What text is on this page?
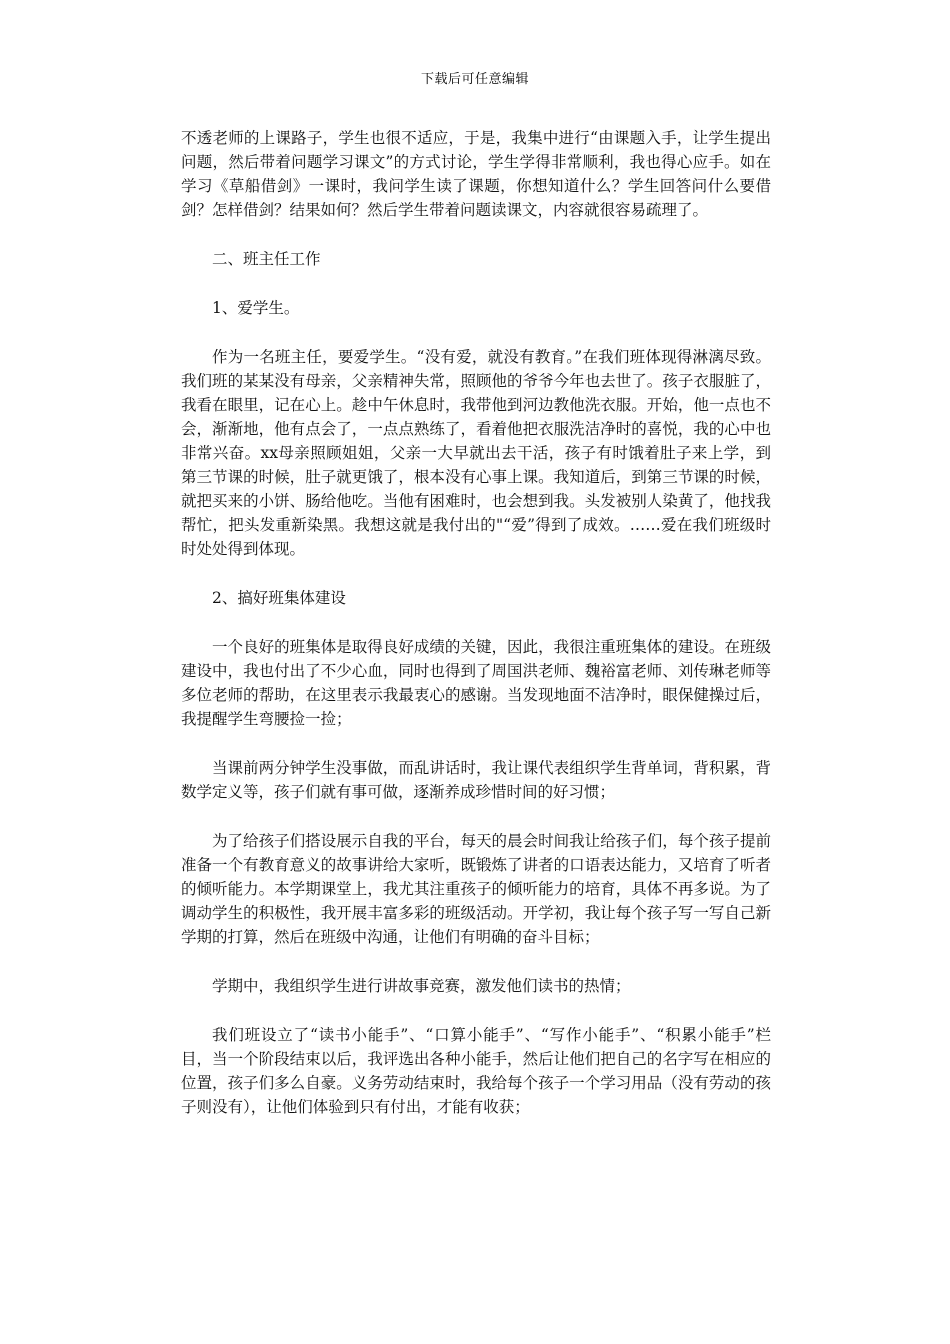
下载后可任意编辑

不透老师的上课路子，学生也很不适应，于是，我集中进行“由课题入手，让学生提出问题，然后带着问题学习课文”的方式讨论，学生学得非常顺利，我也得心应手。如在学习《草船借剑》一课时，我问学生读了课题，你想知道什么？学生回答问什么要借剑？怎样借剑？结果如何？然后学生带着问题读课文，内容就很容易疏理了。

二、班主任工作

1、爱学生。

作为一名班主任，要爱学生。“没有爱，就没有教育。”在我们班体现得淋漓尽致。我们班的某某没有母亲，父亲精神失常，照顾他的爷爷今年也去世了。孩子衣服脏了，我看在眼里，记在心上。趁中午休息时，我带他到河边教他洗衣服。开始，他一点也不会，渐渐地，他有点会了，一点点熟练了，看着他把衣服洗洁净时的喜悦，我的心中也非常兴奋。xx母亲照顾姐姐，父亲一大早就出去干活，孩子有时饿着肚子来上学，到第三节课的时候，肚子就更饿了，根本没有心事上课。我知道后，到第三节课的时候，就把买来的小饼、肠给他吃。当他有困难时，也会想到我。头发被别人染黄了，他找我帮忙，把头发重新染黑。我想这就是我付出的"“爱”得到了成效。……爱在我们班级时时处处得到体现。

2、搞好班集体建设

一个良好的班集体是取得良好成绩的关键，因此，我很注重班集体的建设。在班级建设中，我也付出了不少心血，同时也得到了周国洪老师、魏裕富老师、刘传琳老师等多位老师的帮助，在这里表示我最衷心的感谢。当发现地面不洁净时，眼保健操过后，我提醒学生弯腰捡一捡；

当课前两分钟学生没事做，而乱讲话时，我让课代表组织学生背单词，背积累，背数学定义等，孩子们就有事可做，逐渐养成珍惜时间的好习惯；

为了给孩子们搭设展示自我的平台，每天的晨会时间我让给孩子们，每个孩子提前准备一个有教育意义的故事讲给大家听，既锻炼了讲者的口语表达能力，又培育了听者的倾听能力。本学期课堂上，我尤其注重孩子的倾听能力的培育，具体不再多说。为了调动学生的积极性，我开展丰富多彩的班级活动。开学初，我让每个孩子写一写自己新学期的打算，然后在班级中沟通，让他们有明确的奋斗目标；

学期中，我组织学生进行讲故事竞赛，激发他们读书的热情；

我们班设立了“读书小能手”、“口算小能手”、“写作小能手”、“积累小能手”栏目，当一个阶段结束以后，我评选出各种小能手，然后让他们把自己的名字写在相应的位置，孩子们多么自豪。义务劳动结束时，我给每个孩子一个学习用品（没有劳动的孩子则没有），让他们体验到只有付出，才能有收获；
